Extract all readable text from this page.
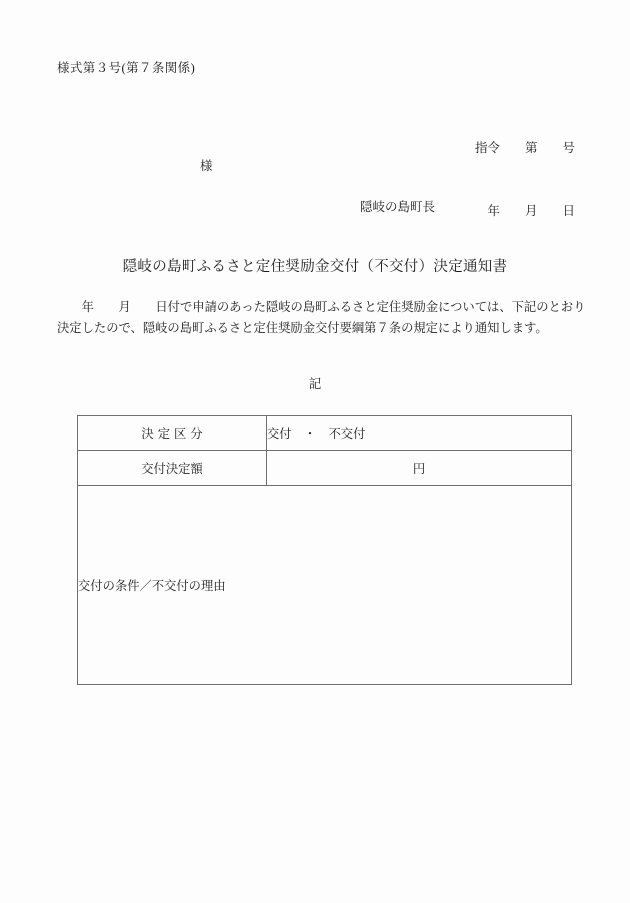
様式第３号(第７条関係)

指令　　第　　号

年　　月　　日

様
隠岐の島町長
隠岐の島町ふるさと定住奨励金交付（不交付）決定通知書
　　年　　月　　日付で申請のあった隠岐の島町ふるさと定住奨励金については、下記のとおり
決定したので、隠岐の島町ふるさと定住奨励金交付要綱第７条の規定により通知します。
記
決定区分	交付　・　不交付
交付決定額	円
交付の条件／不交付の理由	
